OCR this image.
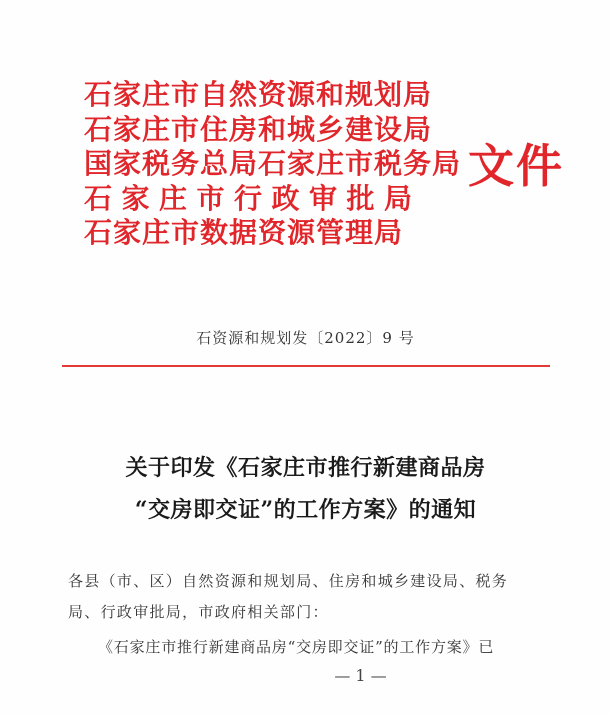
石家庄市自然资源和规划局
石家庄市住房和城乡建设局
国家税务总局石家庄市税务局
石家庄市行政审批局
石家庄市数据资源管理局
文件
石资源和规划发〔2022〕9 号
关于印发《石家庄市推行新建商品房
“交房即交证”的工作方案》的通知
各县（市、区）自然资源和规划局、住房和城乡建设局、税务
局、行政审批局，市政府相关部门：
《石家庄市推行新建商品房“交房即交证”的工作方案》已
— 1 —
